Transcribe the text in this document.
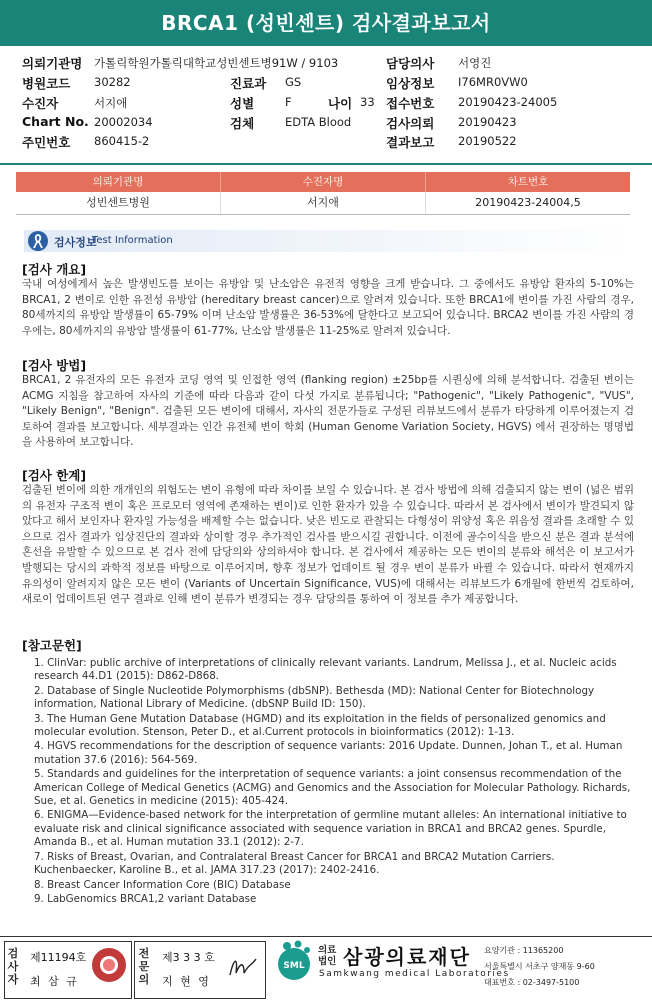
BRCA1 (성빈센트) 검사결과보고서
의뢰기관명 가톨릭학원가톨릭대학교성빈센트병91W / 9103
병원코드 30282
수진자	서지애
Chart No. 20002034
주민번호 860415-2
진료과 GS
성별	F	나이 33
검체	EDTA Blood
담당의사 서영진
임상정보 I76MR0VW0
접수번호 20190423-24005
검사의뢰 20190423
결과보고 20190522
의뢰기관명	수진자명	차트번호
성빈센트병원	서지애	20190423-24004,5
검사정보
Test Information
[검사 개요]
국내 여성에게서 높은 발생빈도를 보이는 유방암 및 난소암은 유전적 영향을 크게 받습니다. 그 중에서도 유방암 환자의 5-10%는 BRCA1, 2 변이로 인한 유전성 유방암 (hereditary breast cancer)으로 알려져 있습니다. 또한 BRCA1에 변이를 가진 사람의 경우, 80세까지의 유방암 발생률이 65-79% 이며 난소암 발생률은 36-53%에 달한다고 보고되어 있습니다. BRCA2 변이를 가진 사람의 경우에는, 80세까지의 유방암 발생률이 61-77%, 난소암 발생률은 11-25%로 알려져 있습니다.
[검사 방법]
BRCA1, 2 유전자의 모든 유전자 코딩 영역 및 인접한 영역 (flanking region) ±25bp를 시퀀싱에 의해 분석합니다. 검출된 변이는 ACMG 지침을 참고하여 자사의 기준에 따라 다음과 같이 다섯 가지로 분류됩니다; "Pathogenic", "Likely Pathogenic", "VUS", "Likely Benign", "Benign". 검출된 모든 변이에 대해서, 자사의 전문가들로 구성된 리뷰보드에서 분류가 타당하게 이루어졌는지 검토하여 결과를 보고합니다. 세부결과는 인간 유전체 변이 학회 (Human Genome Variation Society, HGVS) 에서 권장하는 명명법을 사용하여 보고합니다.
[검사 한계]
검출된 변이에 의한 개개인의 위험도는 변이 유형에 따라 차이를 보일 수 있습니다. 본 검사 방법에 의해 검출되지 않는 변이 (넓은 범위의 유전자 구조적 변이 혹은 프로모터 영역에 존재하는 변이)로 인한 환자가 있을 수 있습니다. 따라서 본 검사에서 변이가 발견되지 않았다고 해서 보인자나 환자일 가능성을 배제할 수는 없습니다. 낮은 빈도로 관찰되는 다형성이 위양성 혹은 위음성 결과를 초래할 수 있으므로 검사 결과가 임상진단의 결과와 상이할 경우 추가적인 검사를 받으시길 권합니다. 이전에 골수이식을 받으신 분은 결과 분석에 혼선을 유발할 수 있으므로 본 검사 전에 담당의와 상의하셔야 합니다. 본 검사에서 제공하는 모든 변이의 분류와 해석은 이 보고서가 발행되는 당시의 과학적 정보를 바탕으로 이루어지며, 향후 정보가 업데이트 될 경우 변이 분류가 바뀔 수 있습니다. 따라서 현재까지 유의성이 알려지지 않은 모든 변이 (Variants of Uncertain Significance, VUS)에 대해서는 리뷰보드가 6개월에 한번씩 검토하여, 새로이 업데이트된 연구 결과로 인해 변이 분류가 변경되는 경우 담당의를 통하여 이 정보를 추가 제공합니다.
[참고문헌]
1. ClinVar: public archive of interpretations of clinically relevant variants. Landrum, Melissa J., et al. Nucleic acids research 44.D1 (2015): D862-D868.
2. Database of Single Nucleotide Polymorphisms (dbSNP). Bethesda (MD): National Center for Biotechnology information, National Library of Medicine. (dbSNP Build ID: 150).
3. The Human Gene Mutation Database (HGMD) and its exploitation in the fields of personalized genomics and molecular evolution. Stenson, Peter D., et al.Current protocols in bioinformatics (2012): 1-13.
4. HGVS recommendations for the description of sequence variants: 2016 Update. Dunnen, Johan T., et al. Human mutation 37.6 (2016): 564-569.
5. Standards and guidelines for the interpretation of sequence variants: a joint consensus recommendation of the American College of Medical Genetics (ACMG) and Genomics and the Association for Molecular Pathology. Richards, Sue, et al. Genetics in medicine (2015): 405-424.
6. ENIGMA—Evidence-based network for the interpretation of germline mutant alleles: An international initiative to evaluate risk and clinical significance associated with sequence variation in BRCA1 and BRCA2 genes. Spurdle, Amanda B., et al. Human mutation 33.1 (2012): 2-7.
7. Risks of Breast, Ovarian, and Contralateral Breast Cancer for BRCA1 and BRCA2 Mutation Carriers. Kuchenbaecker, Karoline B., et al. JAMA 317.23 (2017): 2402-2416.
8. Breast Cancer Information Core (BIC) Database
9. LabGenomics BRCA1,2 variant Database
검사자
제11194호
최 삼 규
전문의
제3 3 3 호
지 현 영
SML
의료
법인 삼광의료재단
Samkwang medical Laboratories
요양기관 : 11365200
서울특별시 서초구 양재동 9-60
대표번호 : 02-3497-5100
